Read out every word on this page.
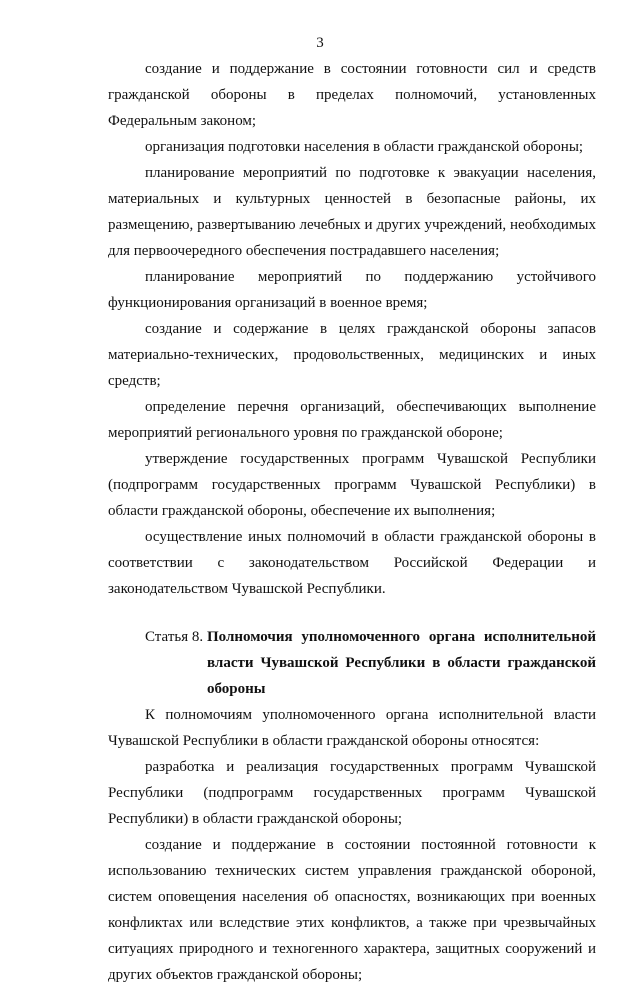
3

создание и поддержание в состоянии готовности сил и средств гражданской обороны в пределах полномочий, установленных Федеральным законом;

организация подготовки населения в области гражданской обороны;

планирование мероприятий по подготовке к эвакуации населения, материальных и культурных ценностей в безопасные районы, их размещению, развертыванию лечебных и других учреждений, необходимых для первоочередного обеспечения пострадавшего населения;

планирование мероприятий по поддержанию устойчивого функционирования организаций в военное время;

создание и содержание в целях гражданской обороны запасов материально-технических, продовольственных, медицинских и иных средств;

определение перечня организаций, обеспечивающих выполнение мероприятий регионального уровня по гражданской обороне;

утверждение государственных программ Чувашской Республики (подпрограмм государственных программ Чувашской Республики) в области гражданской обороны, обеспечение их выполнения;

осуществление иных полномочий в области гражданской обороны в соответствии с законодательством Российской Федерации и законодательством Чувашской Республики.

Статья 8. Полномочия уполномоченного органа исполнительной власти Чувашской Республики в области гражданской обороны

К полномочиям уполномоченного органа исполнительной власти Чувашской Республики в области гражданской обороны относятся:

разработка и реализация государственных программ Чувашской Республики (подпрограмм государственных программ Чувашской Республики) в области гражданской обороны;

создание и поддержание в состоянии постоянной готовности к использованию технических систем управления гражданской обороной, систем оповещения населения об опасностях, возникающих при военных конфликтах или вследствие этих конфликтов, а также при чрезвычайных ситуациях природного и техногенного характера, защитных сооружений и других объектов гражданской обороны;
